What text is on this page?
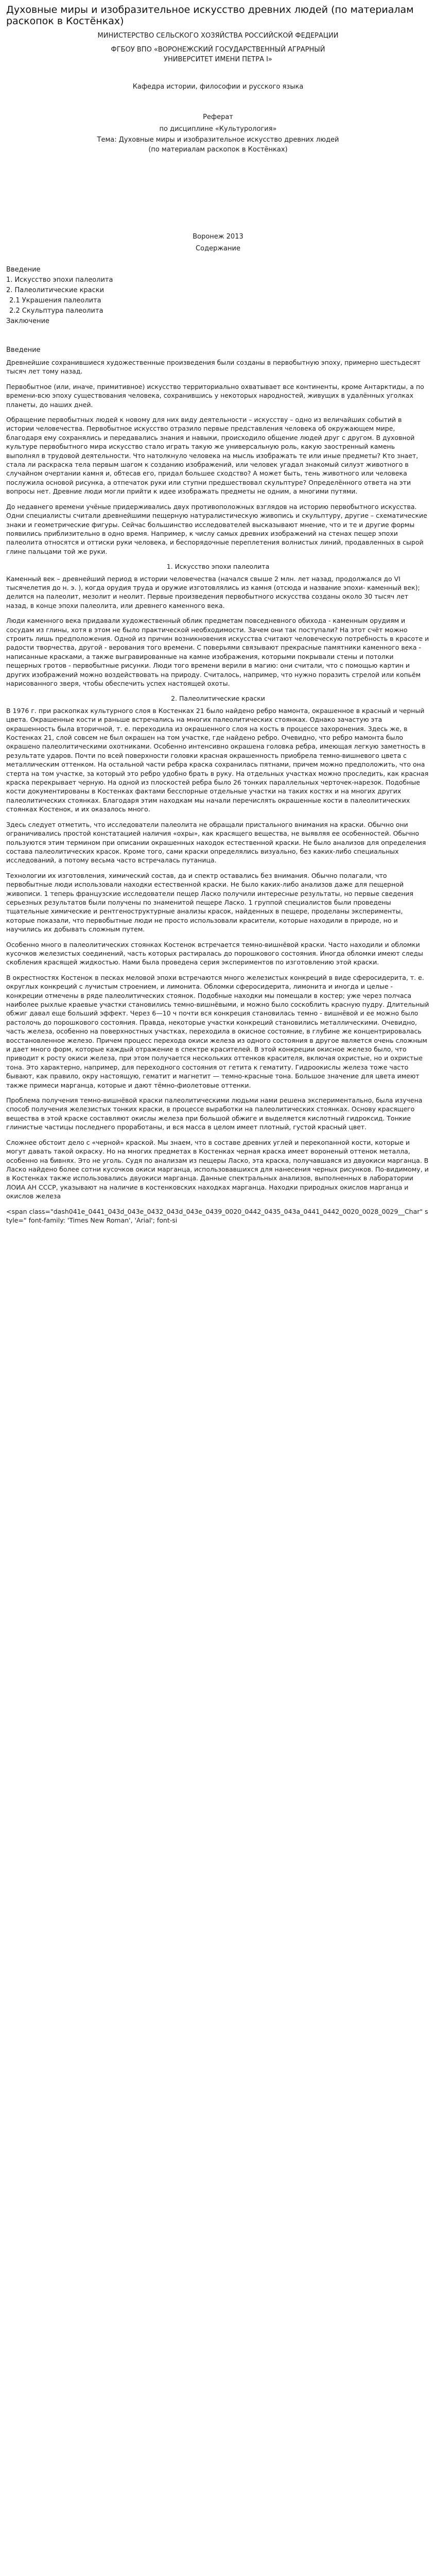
Духовные миры и изобразительное искусство древних людей (по материалам раскопок в Костёнках)
МИНИСТЕРСТВО СЕЛЬСКОГО ХОЗЯЙСТВА РОССИЙСКОЙ ФЕДЕРАЦИИ
ФГБОУ ВПО «ВОРОНЕЖСКИЙ ГОСУДАРСТВЕННЫЙ АГРАРНЫЙ УНИВЕРСИТЕТ ИМЕНИ ПЕТРА I»
Кафедра истории, философии и русского языка
Реферат
по дисциплине «Культурология»
Тема: Духовные миры и изобразительное искусство древних людей (по материалам раскопок в Костёнках)
Воронеж 2013
Содержание
Введение
1. Искусство эпохи палеолита
2. Палеолитические краски
2.1 Украшения палеолита
2.2 Скульптура палеолита
Заключение
Введение

Древнейшие сохранившиеся художественные произведения были созданы в первобытную эпоху, примерно шестьдесят тысяч лет тому назад.

Первобытное (или, иначе, примитивное) искусство территориально охватывает все континенты, кроме Антарктиды, а по времени-всю эпоху существования человека, сохранившись у некоторых народностей, живущих в удалённых уголках планеты, до наших дней.

Обращение первобытных людей к новому для них виду деятельности – искусству – одно из величайших событий в истории человечества. Первобытное искусство отразило первые представления человека об окружающем мире, благодаря ему сохранялись и передавались знания и навыки, происходило общение людей друг с другом. В духовной культуре первобытного мира искусство стало играть такую же универсальную роль, какую заостренный камень выполнял в трудовой деятельности. Что натолкнуло человека на мысль изображать те или иные предметы? Кто знает, стала ли раскраска тела первым шагом к созданию изображений, или человек угадал знакомый силуэт животного в случайном очертании камня и, обтесав его, придал большее сходство? А может быть, тень животного или человека послужила основой рисунка, а отпечаток руки или ступни предшествовал скульптуре? Определённого ответа на эти вопросы нет. Древние люди могли прийти к идее изображать предметы не одним, а многими путями.

До недавнего времени учёные придерживались двух противоположных взглядов на историю первобытного искусства. Одни специалисты считали древнейшими пещерную натуралистическую живопись и скульптуру, другие – схематические знаки и геометрические фигуры. Сейчас большинство исследователей высказывают мнение, что и те и другие формы появились приблизительно в одно время. Например, к числу самых древних изображений на стенах пещер эпохи палеолита относятся и оттиски руки человека, и беспорядочные переплетения волнистых линий, продавленных в сырой глине пальцами той же руки.

1. Искусство эпохи палеолита

Каменный век – древнейший период в истории человечества (начался свыше 2 млн. лет назад, продолжался до VI тысячелетия до н. э. ), когда орудия труда и оружие изготовлялись из камня (отсюда и название эпохи- каменный век); делится на палеолит, мезолит и неолит. Первые произведения первобытного искусства созданы около 30 тысяч лет назад, в конце эпохи палеолита, или древнего каменного века.

Люди каменного века придавали художественный облик предметам повседневного обихода - каменным орудиям и сосудам из глины, хотя в этом не было практической необходимости. Зачем они так поступали? На этот счёт можно строить лишь предположения. Одной из причин возникновения искусства считают человеческую потребность в красоте и радости творчества, другой - верования того времени. С поверьями связывают прекрасные памятники каменного века - написанные красками, а также выгравированные на камне изображения, которыми покрывали стены и потолки пещерных гротов - первобытные рисунки. Люди того времени верили в магию: они считали, что с помощью картин и других изображений можно воздействовать на природу. Считалось, например, что нужно поразить стрелой или копьём нарисованного зверя, чтобы обеспечить успех настоящей охоты.

2. Палеолитические краски

В 1976 г. при раскопках культурного слоя в Костенках 21 было найдено ребро мамонта, окрашенное в красный и черный цвета. Окрашенные кости и раньше встречались на многих палеолитических стоянках. Однако зачастую эта окрашенность была вторичной, т. е. переходила из окрашенного слоя на кость в процессе захоронения. Здесь же, в Костенках 21, слой совсем не был окрашен на том участке, где найдено ребро. Очевидно, что ребро мамонта было окрашено палеолитическими охотниками. Особенно интенсивно окрашена головка ребра, имеющая легкую заметность в результате ударов. Почти по всей поверхности головки красная окрашенность приобрела темно-вишневого цвета с металлическим оттенком. На остальной части ребра краска сохранилась пятнами, причем можно предположить, что она стерта на том участке, за который это ребро удобно брать в руку. На отдельных участках можно проследить, как красная краска перекрывает черную. На одной из плоскостей ребра было 26 тонких параллельных черточек-нарезок. Подобные кости документированы в Костенках фактами бесспорные отдельные участки на таких костях и на многих других палеолитических стоянках. Благодаря этим находкам мы начали перечислять окрашенные кости в палеолитических стоянках Костенок, и их оказалось много.

Здесь следует отметить, что исследователи палеолита не обращали пристального внимания на краски. Обычно они ограничивались простой констатацией наличия «охры», как красящего вещества, не выявляя ее особенностей. Обычно пользуются этим термином при описании окрашенных находок естественной краски. Не было анализов для определения состава палеолитических красок. Кроме того, сами краски определялись визуально, без каких-либо специальных исследований, а потому весьма часто встречалась путаница.

Технологии их изготовления, химический состав, да и спектр оставались без внимания. Обычно полагали, что первобытные люди использовали находки естественной краски. Не было каких-либо анализов даже для пещерной живописи. 1 теперь французские исследователи пещер Ласко получили интересные результаты, но первые сведения серьезных результатов были получены по знаменитой пещере Ласко. 1 группой специалистов были проведены тщательные химические и рентгеноструктурные анализы красок, найденных в пещере, проделаны эксперименты, которые показали, что первобытные люди не просто использовали красители, которые находили в природе, но и научились их добывать сложным путем.

Особенно много в палеолитических стоянках Костенок встречается темно-вишнёвой краски. Часто находили и обломки кусочков железистых соединений, часть которых растиралась до порошкового состояния. Иногда обломки имеют следы скобления красящей жидкостью. Нами была проведена серия экспериментов по изготовлению этой краски.

В окрестностях Костенок в песках меловой эпохи встречаются много железистых конкреций в виде сферосидерита, т. е. округлых конкреций с лучистым строением, и лимонита. Обломки сферосидерита, лимонита и иногда и целые - конкреции отмечены в ряде палеолитических стоянок. Подобные находки мы помещали в костер; уже через полчаса наиболее рыхлые краевые участки становились темно-вишнёвыми, и можно было соскоблить красную пудру. Длительный обжиг давал еще больший эффект. Через 6—10 ч почти вся конкреция становилась темно - вишнёвой и ее можно было растолочь до порошкового состояния. Правда, некоторые участки конкреций становились металлическими. Очевидно, часть железа, особенно на поверхностных участках, переходила в окисное состояние, в глубине же концентрировалась восстановленное железо. Причем процесс перехода окиси железа из одного состояния в другое является очень сложным и дает много форм, которые каждый отражение в спектре красителей. В этой конкреции окисное железо было, что приводит к росту окиси железа, при этом получается нескольких оттенков красителя, включая охристые, но и охристые тона. Это характерно, например, для переходного состояния от гетита к гематиту. Гидроокислы железа тоже часто бывают, как правило, окру настоящую, гематит и магнетит — темно-красные тона. Большое значение для цвета имеют также примеси марганца, которые и дают тёмно-фиолетовые оттенки.

Проблема получения темно-вишнёвой краски палеолитическими людьми нами решена экспериментально, была изучена способ получения железистых тонких краски, в процессе выработки на палеолитических стоянках. Основу красящего вещества в этой краске составляют окислы железа при большой обжиге и выделяется кислотный гидроксид. Тонкие глинистые частицы последнего проработаны, и вся масса в целом имеет плотный, густой красный цвет.

Сложнее обстоит дело с «черной» краской. Мы знаем, что в составе древних углей и перекопанной кости, которые и могут давать такой окраску. Но на многих предметах в Костенках черная краска имеет вороненый оттенок металла, особенно на бивнях. Это не уголь. Судя по анализам из пещеры Ласко, эта краска, получавшаяся из двуокиси марганца. В Ласко найдено более сотни кусочков окиси марганца, использовавшихся для нанесения черных рисунков. По-видимому, и в Костенках также использовались двуокиси марганца. Данные спектральных анализов, выполненных в лаборатории ЛОИА АН СССР, указывают на наличие в костенковских находках марганца. Находки природных окислов марганца и окислов железа

<span class="dash041e_0441_043d_043e_0432_043d_043e_0439_0020_0442_0435_043a_0441_0442_0020_0028_0029__Char" style=" font-family: 'Times New Roman', 'Arial'; font-si
